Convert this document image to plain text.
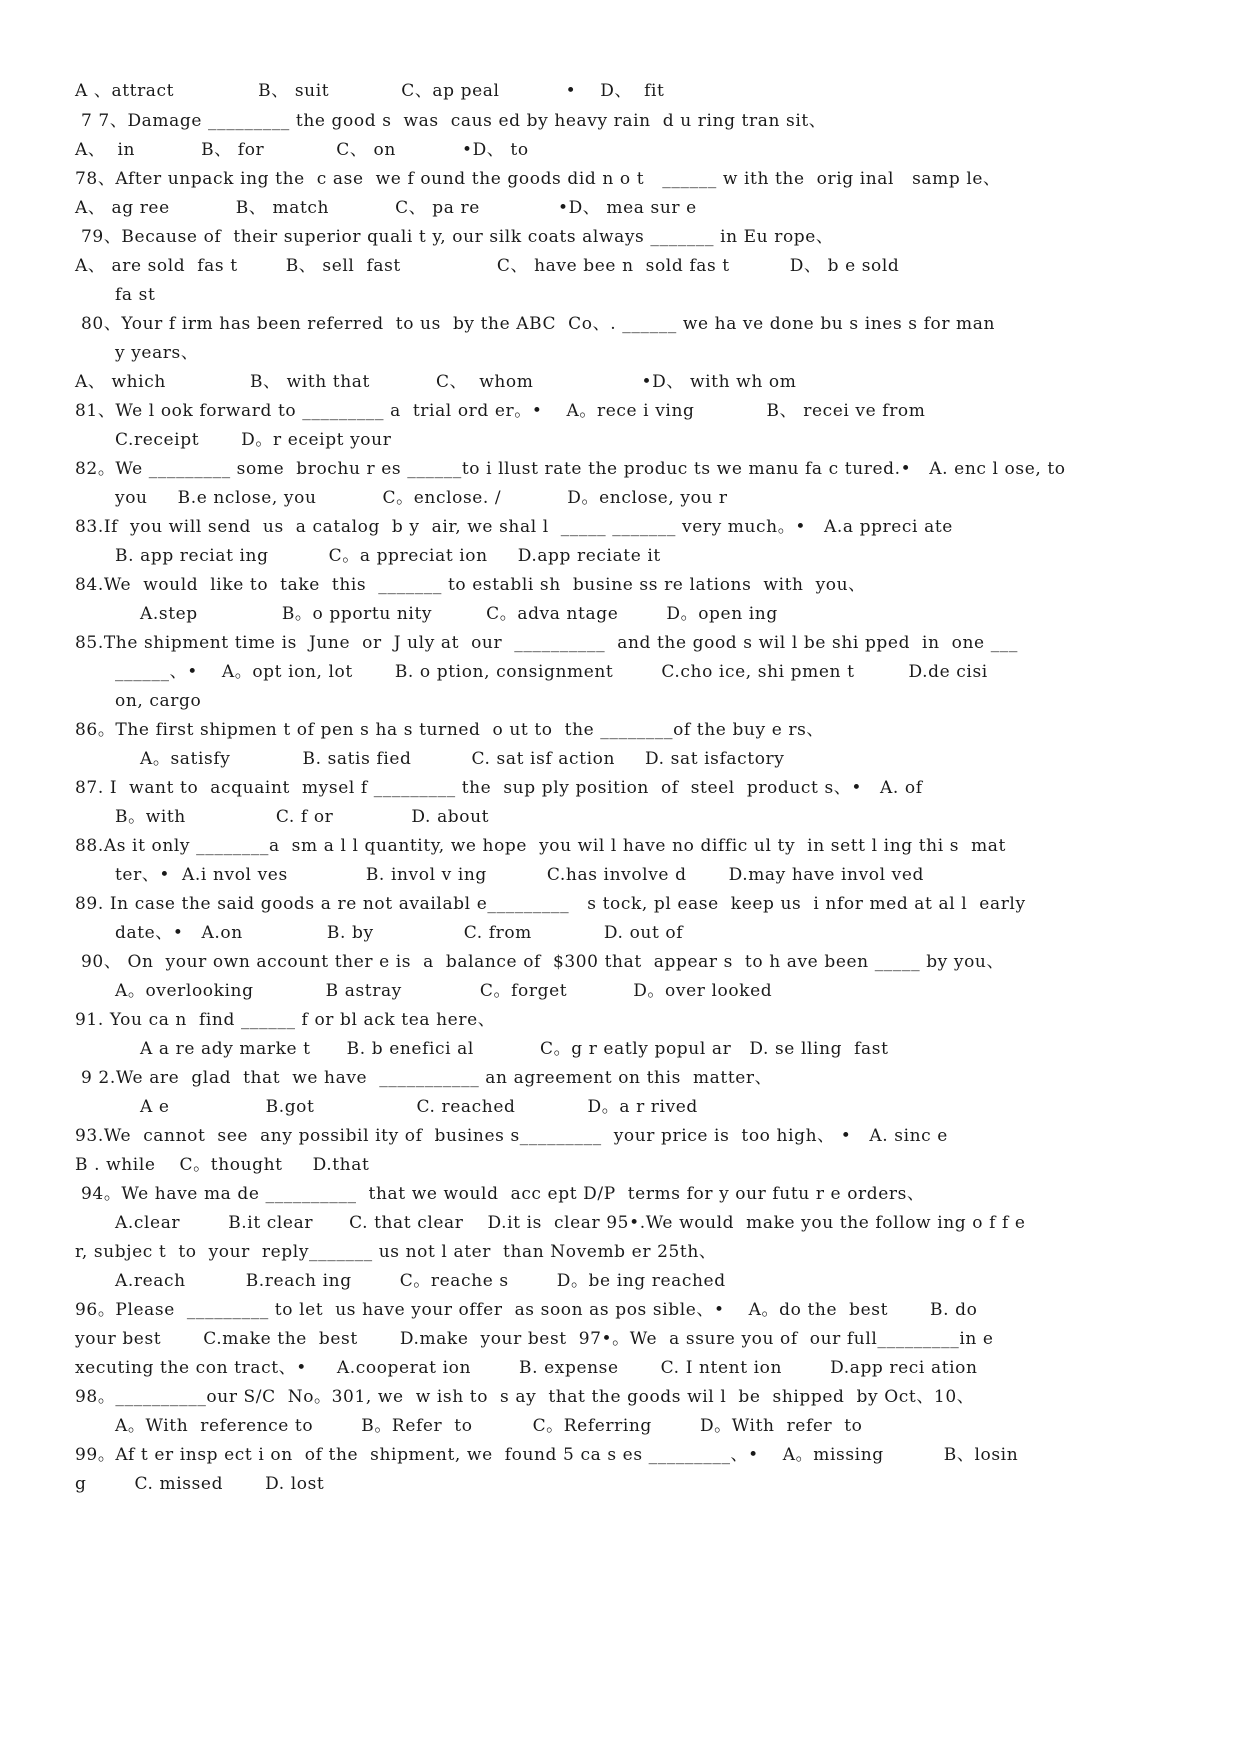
A 、attract              B、 suit            C、ap peal           •    D、  fit
7 7、Damage _________ the good s  was  caus ed by heavy rain  d u ring tran sit、
A、  in           B、 for            C、 on           •D、 to
78、After unpack ing the  c ase  we f ound the goods did n o t   ______ w ith the  orig inal   samp le、
A、 ag ree           B、 match           C、 pa re             •D、 mea sur e
79、Because of  their superior quali t y, our silk coats always _______ in Eu rope、
A、 are sold  fas t        B、 sell  fast                C、 have bee n  sold fas t          D、 b e sold
fa st
80、Your f irm has been referred  to us  by the ABC  Co、. ______ we ha ve done bu s ines s for man
y years、
A、 which              B、 with that           C、  whom                  •D、 with wh om
81、We l ook forward to _________ a  trial ord er。•    A。rece i ving            B、 recei ve from
C.receipt       D。r eceipt your
82。We _________ some  brochu r es ______to i llust rate the produc ts we manu fa c tured.•   A. enc l ose, to
you     B.e nclose, you           C。enclose. /           D。enclose, you r
83.If  you will send  us  a catalog  b y  air, we shal l  _____ _______ very much。•   A.a ppreci ate
B. app reciat ing          C。a ppreciat ion     D.app reciate it
84.We  would  like to  take  this  _______ to establi sh  busine ss re lations  with  you、
A.step              B。o pportu nity         C。adva ntage        D。open ing
85.The shipment time is  June  or  J uly at  our  __________  and the good s wil l be shi pped  in  one ___
______、•    A。opt ion, lot       B. o ption, consignment        C.cho ice, shi pmen t         D.de cisi
on, cargo
86。The first shipmen t of pen s ha s turned  o ut to  the ________of the buy e rs、
A。satisfy            B. satis fied          C. sat isf action     D. sat isfactory
87. I  want to  acquaint  mysel f _________ the  sup ply position  of  steel  product s、•   A. of
B。with               C. f or             D. about
88.As it only ________a  sm a l l quantity, we hope  you wil l have no diffic ul ty  in sett l ing thi s  mat
ter、•  A.i nvol ves             B. invol v ing          C.has involve d       D.may have invol ved
89. In case the said goods a re not availabl e_________   s tock, pl ease  keep us  i nfor med at al l  early
date、•   A.on              B. by               C. from            D. out of
90、 On  your own account ther e is  a  balance of  $300 that  appear s  to h ave been _____ by you、
A。overlooking            B astray             C。forget           D。over looked
91. You ca n  find ______ f or bl ack tea here、
A a re ady marke t      B. b enefici al           C。g r eatly popul ar   D. se lling  fast
9 2.We are  glad  that  we have  ___________ an agreement on this  matter、
A e                B.got                 C. reached            D。a r rived
93.We  cannot  see  any possibil ity of  busines s_________  your price is  too high、 •   A. sinc e
B . while    C。thought     D.that
94。We have ma de __________  that we would  acc ept D/P  terms for y our futu r e orders、
A.clear        B.it clear      C. that clear    D.it is  clear 95•.We would  make you the follow ing o f f e
r, subjec t  to  your  reply_______ us not l ater  than Novemb er 25th、
A.reach          B.reach ing        C。reache s        D。be ing reached
96。Please  _________ to let  us have your offer  as soon as pos sible、•    A。do the  best       B. do
your best       C.make the  best       D.make  your best  97•。We  a ssure you of  our full_________in e
xecuting the con tract、•     A.cooperat ion        B. expense       C. I ntent ion        D.app reci ation
98。__________our S/C  No。301, we  w ish to  s ay  that the goods wil l  be  shipped  by Oct、10、
A。With  reference to        B。Refer  to          C。Referring        D。With  refer  to
99。Af t er insp ect i on  of the  shipment, we  found 5 ca s es _________、•    A。missing          B、losin
g        C. missed       D. lost
